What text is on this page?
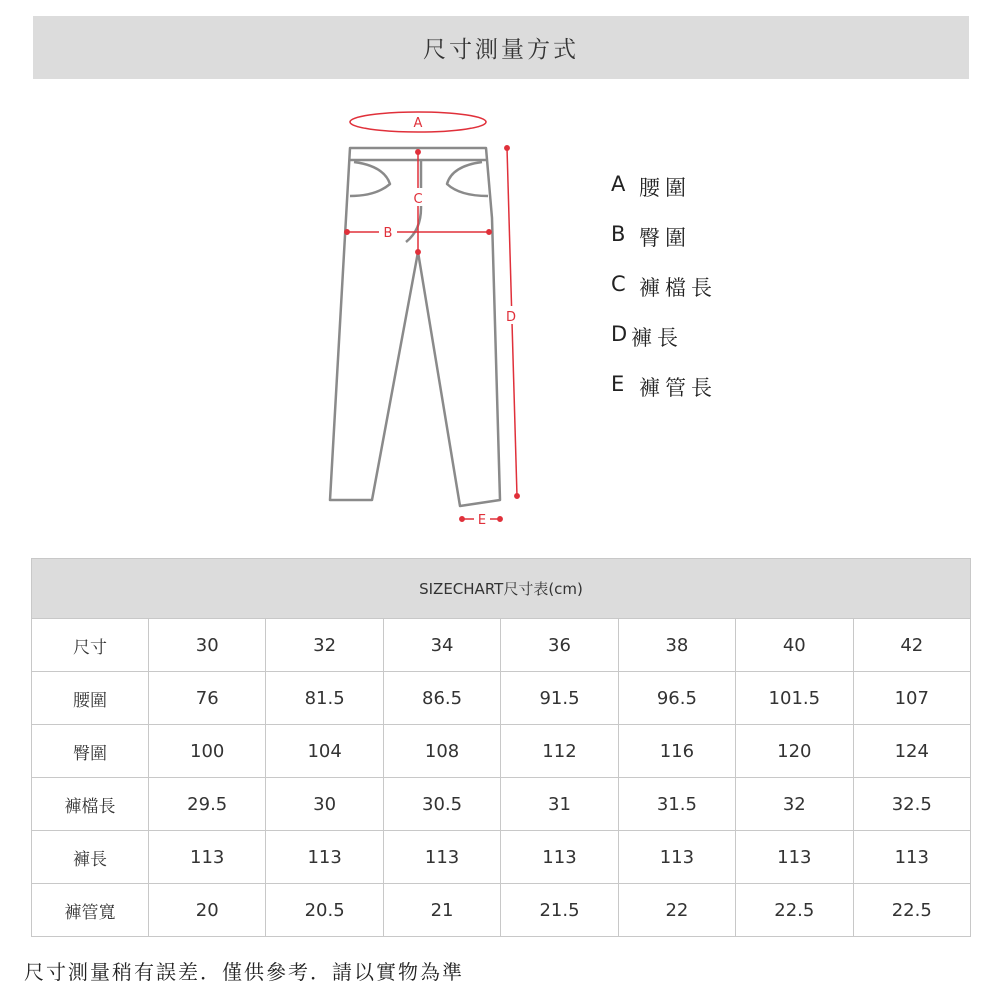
尺寸測量方式
A
C
B
D
E
A 腰圍
B 臀圍
C 褲檔長
D 褲長
E 褲管長
SIZECHART尺寸表(cm)							
尺寸	30	32	34	36	38	40	42
腰圍	76	81.5	86.5	91.5	96.5	101.5	107
臀圍	100	104	108	112	116	120	124
褲檔長	29.5	30	30.5	31	31.5	32	32.5
褲長	113	113	113	113	113	113	113
褲管寬	20	20.5	21	21.5	22	22.5	22.5
尺寸測量稍有誤差．僅供參考．請以實物為準
